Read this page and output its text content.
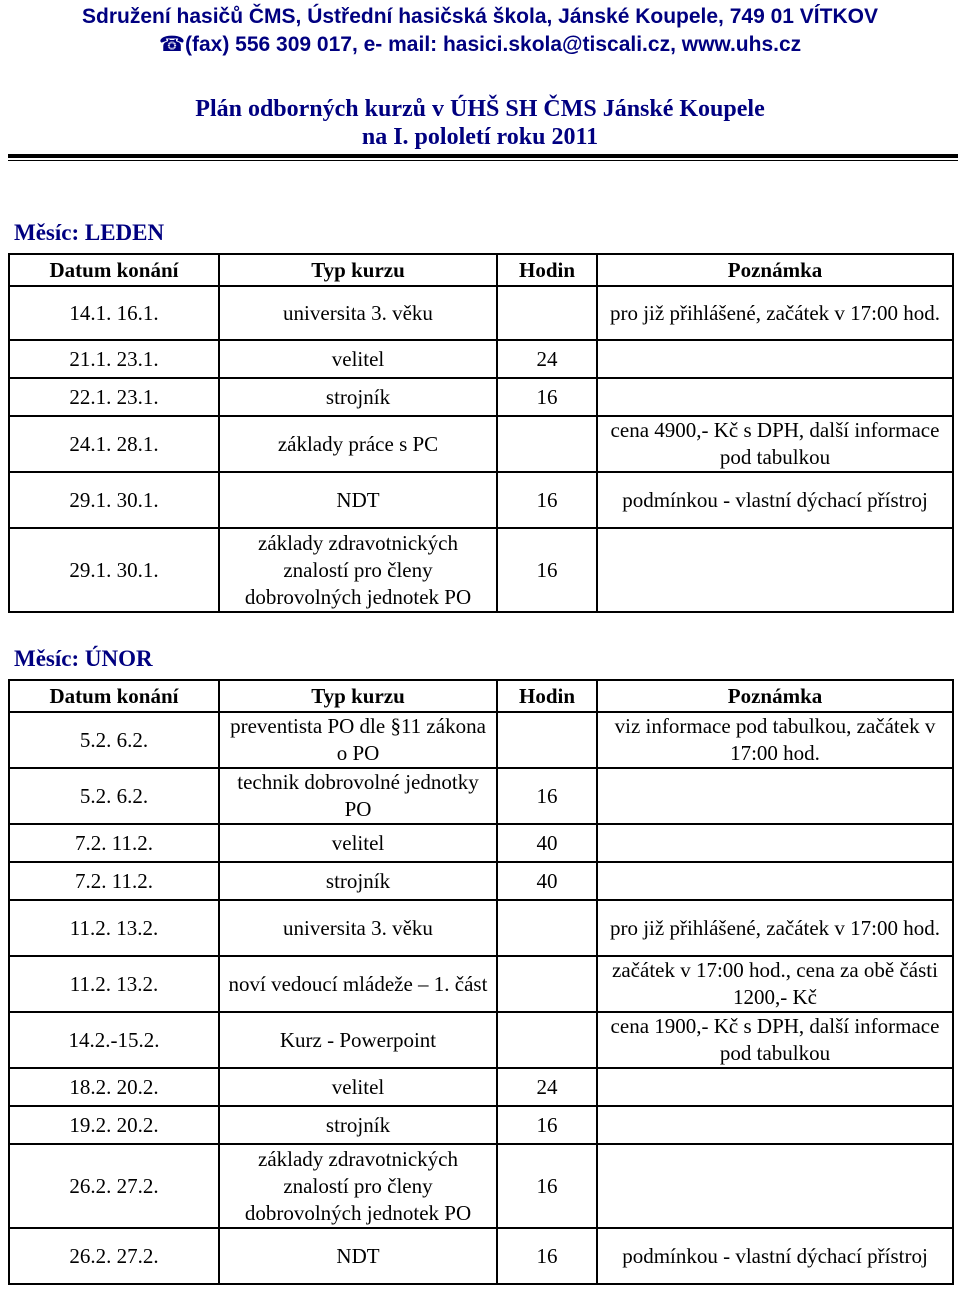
Sdružení hasičů ČMS, Ústřední hasičská škola, Jánské Koupele, 749 01 VÍTKOV
☎(fax) 556 309 017, e- mail: hasici.skola@tiscali.cz, www.uhs.cz
Plán odborných kurzů v ÚHŠ SH ČMS Jánské Koupele
na I. pololetí roku 2011
Měsíc: LEDEN
Datum konání	Typ kurzu	Hodin	Poznámka
14.1. 16.1.	universita 3. věku		pro již přihlášené, začátek v 17:00 hod.
21.1. 23.1.	velitel	24	
22.1. 23.1.	strojník	16	
24.1. 28.1.	základy práce s PC		cena 4900,- Kč s DPH, další informace pod tabulkou
29.1. 30.1.	NDT	16	podmínkou - vlastní dýchací přístroj
29.1. 30.1.	základy zdravotnických znalostí pro členy dobrovolných jednotek PO	16	
Měsíc: ÚNOR
Datum konání	Typ kurzu	Hodin	Poznámka
5.2. 6.2.	preventista PO dle §11 zákona o PO		viz informace pod tabulkou, začátek v 17:00 hod.
5.2. 6.2.	technik dobrovolné jednotky PO	16	
7.2. 11.2.	velitel	40	
7.2. 11.2.	strojník	40	
11.2. 13.2.	universita 3. věku		pro již přihlášené, začátek v 17:00 hod.
11.2. 13.2.	noví vedoucí mládeže – 1. část		začátek v 17:00 hod., cena za obě části 1200,- Kč
14.2.-15.2.	Kurz - Powerpoint		cena 1900,- Kč s DPH, další informace pod tabulkou
18.2. 20.2.	velitel	24	
19.2. 20.2.	strojník	16	
26.2. 27.2.	základy zdravotnických znalostí pro členy dobrovolných jednotek PO	16	
26.2. 27.2.	NDT	16	podmínkou - vlastní dýchací přístroj
